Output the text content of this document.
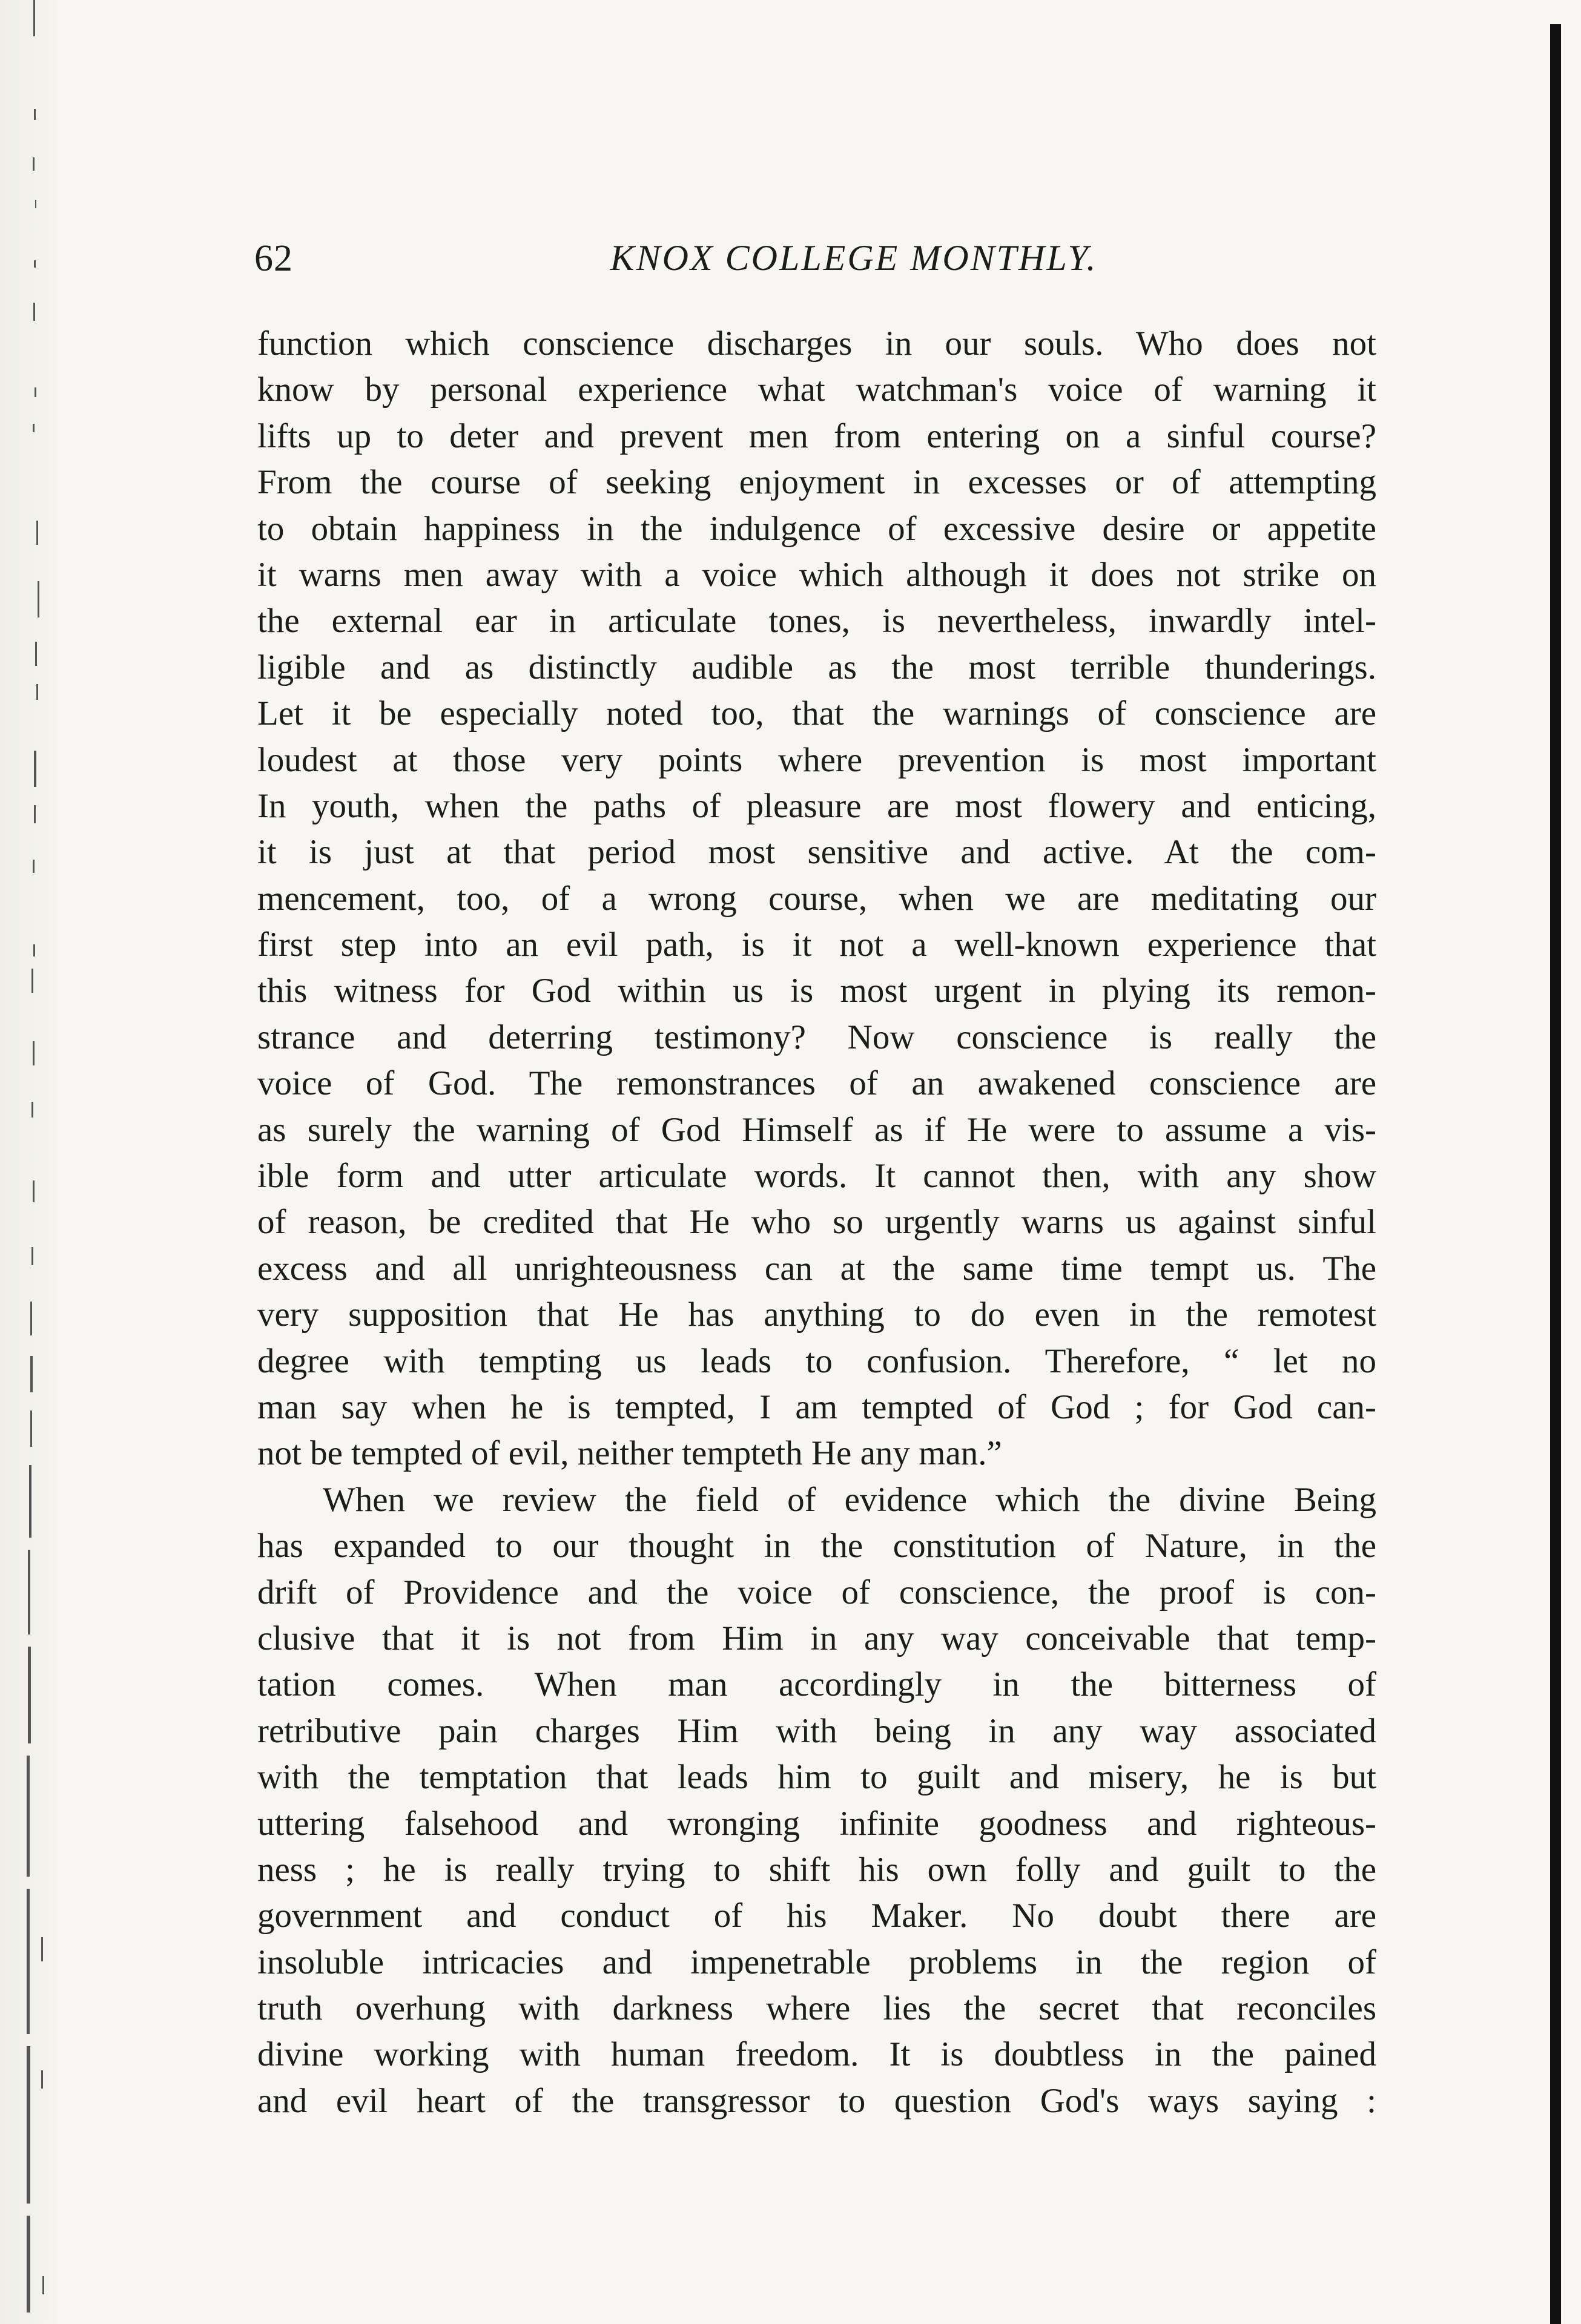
62	KNOX COLLEGE MONTHLY.
function which conscience discharges in our souls. Who does not
know by personal experience what watchman's voice of warning it
lifts up to deter and prevent men from entering on a sinful course?
From the course of seeking enjoyment in excesses or of attempting
to obtain happiness in the indulgence of excessive desire or appetite
it warns men away with a voice which although it does not strike on
the external ear in articulate tones, is nevertheless, inwardly intel-
ligible and as distinctly audible as the most terrible thunderings.
Let it be especially noted too, that the warnings of conscience are
loudest at those very points where prevention is most important
In youth, when the paths of pleasure are most flowery and enticing,
it is just at that period most sensitive and active. At the com-
mencement, too, of a wrong course, when we are meditating our
first step into an evil path, is it not a well-known experience that
this witness for God within us is most urgent in plying its remon-
strance and deterring testimony? Now conscience is really the
voice of God. The remonstrances of an awakened conscience are
as surely the warning of God Himself as if He were to assume a vis-
ible form and utter articulate words. It cannot then, with any show
of reason, be credited that He who so urgently warns us against sinful
excess and all unrighteousness can at the same time tempt us. The
very supposition that He has anything to do even in the remotest
degree with tempting us leads to confusion. Therefore, “ let no
man say when he is tempted, I am tempted of God ; for God can-
not be tempted of evil, neither tempteth He any man.”
When we review the field of evidence which the divine Being
has expanded to our thought in the constitution of Nature, in the
drift of Providence and the voice of conscience, the proof is con-
clusive that it is not from Him in any way conceivable that temp-
tation comes. When man accordingly in the bitterness of
retributive pain charges Him with being in any way associated
with the temptation that leads him to guilt and misery, he is but
uttering falsehood and wronging infinite goodness and righteous-
ness ; he is really trying to shift his own folly and guilt to the
government and conduct of his Maker. No doubt there are
insoluble intricacies and impenetrable problems in the region of
truth overhung with darkness where lies the secret that reconciles
divine working with human freedom. It is doubtless in the pained
and evil heart of the transgressor to question God's ways saying :
